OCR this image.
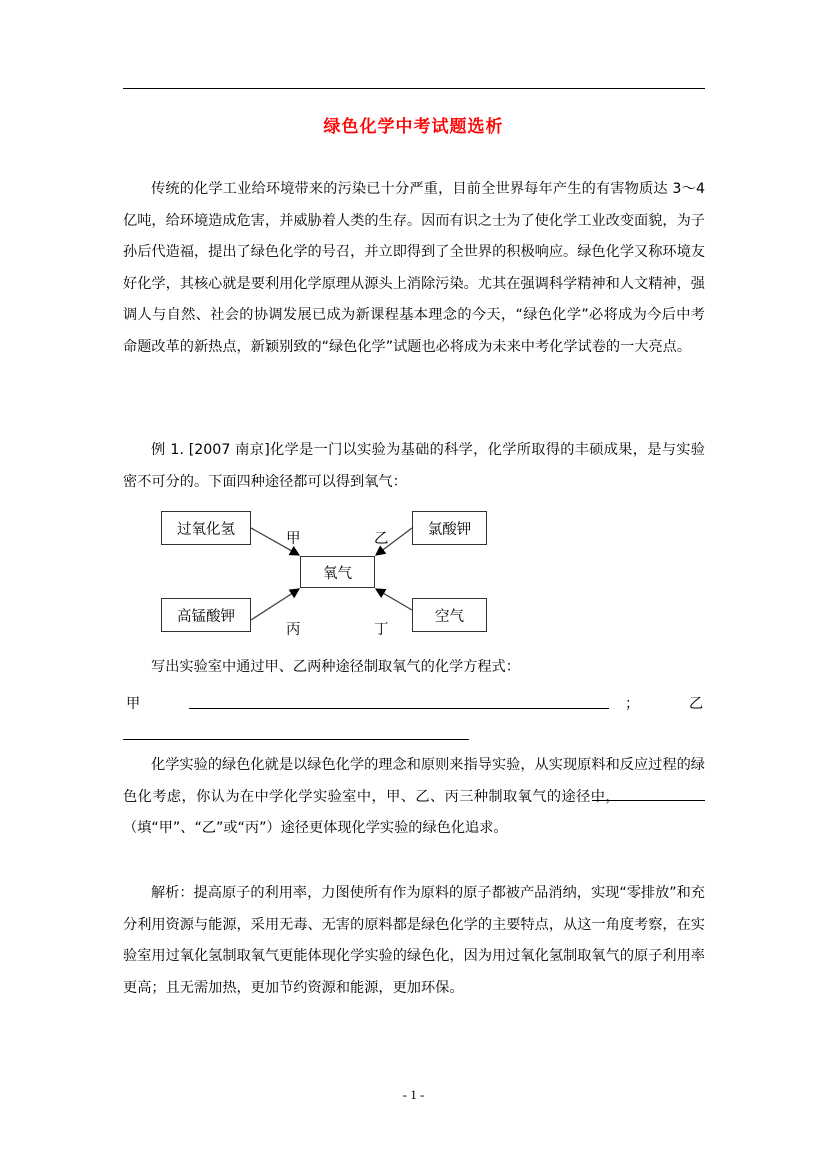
绿色化学中考试题选析
传统的化学工业给环境带来的污染已十分严重，目前全世界每年产生的有害物质达 3～4亿吨，给环境造成危害，并威胁着人类的生存。因而有识之士为了使化学工业改变面貌，为子孙后代造福，提出了绿色化学的号召，并立即得到了全世界的积极响应。绿色化学又称环境友好化学，其核心就是要利用化学原理从源头上消除污染。尤其在强调科学精神和人文精神，强调人与自然、社会的协调发展已成为新课程基本理念的今天，“绿色化学”必将成为今后中考命题改革的新热点，新颖别致的“绿色化学”试题也必将成为未来中考化学试卷的一大亮点。
例 1. [2007 南京]化学是一门以实验为基础的科学，化学所取得的丰硕成果，是与实验密不可分的。下面四种途径都可以得到氧气：
过氧化氢	氯酸钾
氧气
高锰酸钾	空气
甲	乙
丙	丁
写出实验室中通过甲、乙两种途径制取氧气的化学方程式：
甲	；	乙
化学实验的绿色化就是以绿色化学的理念和原则来指导实验，从实现原料和反应过程的绿色化考虑，你认为在中学化学实验室中，甲、乙、丙三种制取氧气的途径中，（填“甲”、“乙”或“丙”）途径更体现化学实验的绿色化追求。
解析：提高原子的利用率，力图使所有作为原料的原子都被产品消纳，实现“零排放”和充分利用资源与能源，采用无毒、无害的原料都是绿色化学的主要特点，从这一角度考察，在实验室用过氧化氢制取氧气更能体现化学实验的绿色化，因为用过氧化氢制取氧气的原子利用率更高；且无需加热，更加节约资源和能源，更加环保。
- 1 -
